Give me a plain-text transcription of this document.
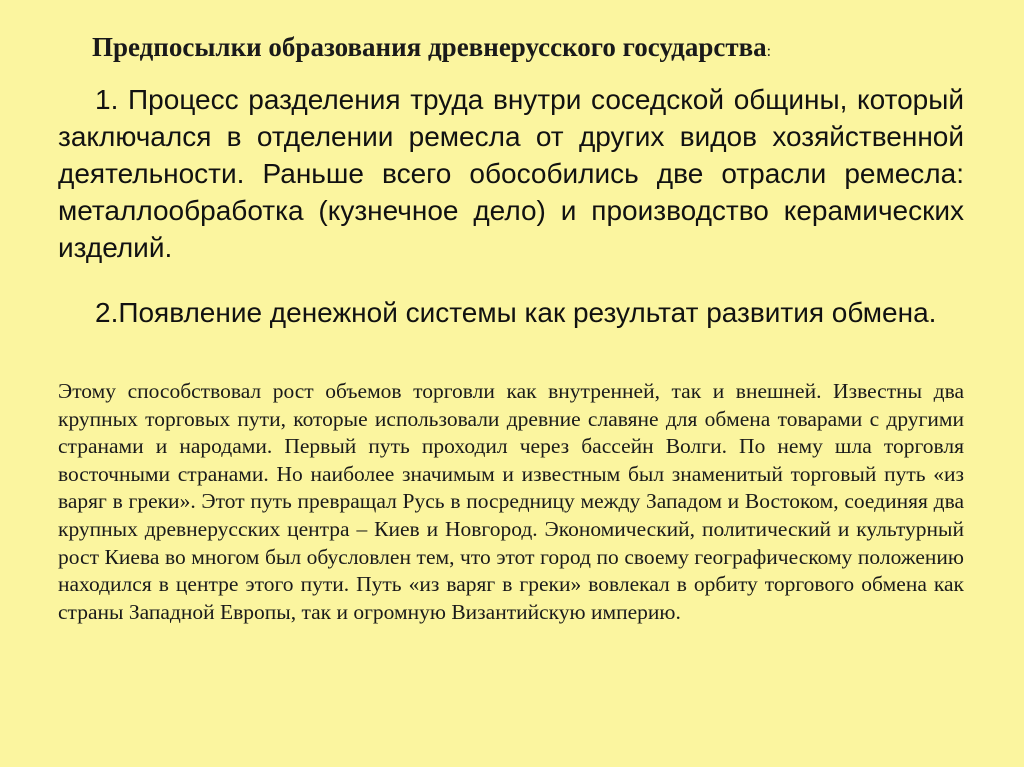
Предпосылки образования древнерусского государства:

1. Процесс разделения труда внутри соседской общины, который заключался в отделении ремесла от других видов хозяйственной деятельности. Раньше всего обособились две отрасли ремесла: металлообработка (кузнечное дело) и производство керамических изделий.

2.Появление денежной системы как результат развития обмена.

Этому способствовал рост объемов торговли как внутренней, так и внешней. Известны два крупных торговых пути, которые использовали древние славяне для обмена товарами с другими странами и народами. Первый путь проходил через бассейн Волги. По нему шла торговля восточными странами. Но наиболее значимым и известным был знаменитый торговый путь «из варяг в греки». Этот путь превращал Русь в посредницу между Западом и Востоком, соединяя два крупных древнерусских центра – Киев и Новгород. Экономический, политический и культурный рост Киева во многом был обусловлен тем, что этот город по своему географическому положению находился в центре этого пути. Путь «из варяг в греки» вовлекал в орбиту торгового обмена как страны Западной Европы, так и огромную Византийскую империю.
